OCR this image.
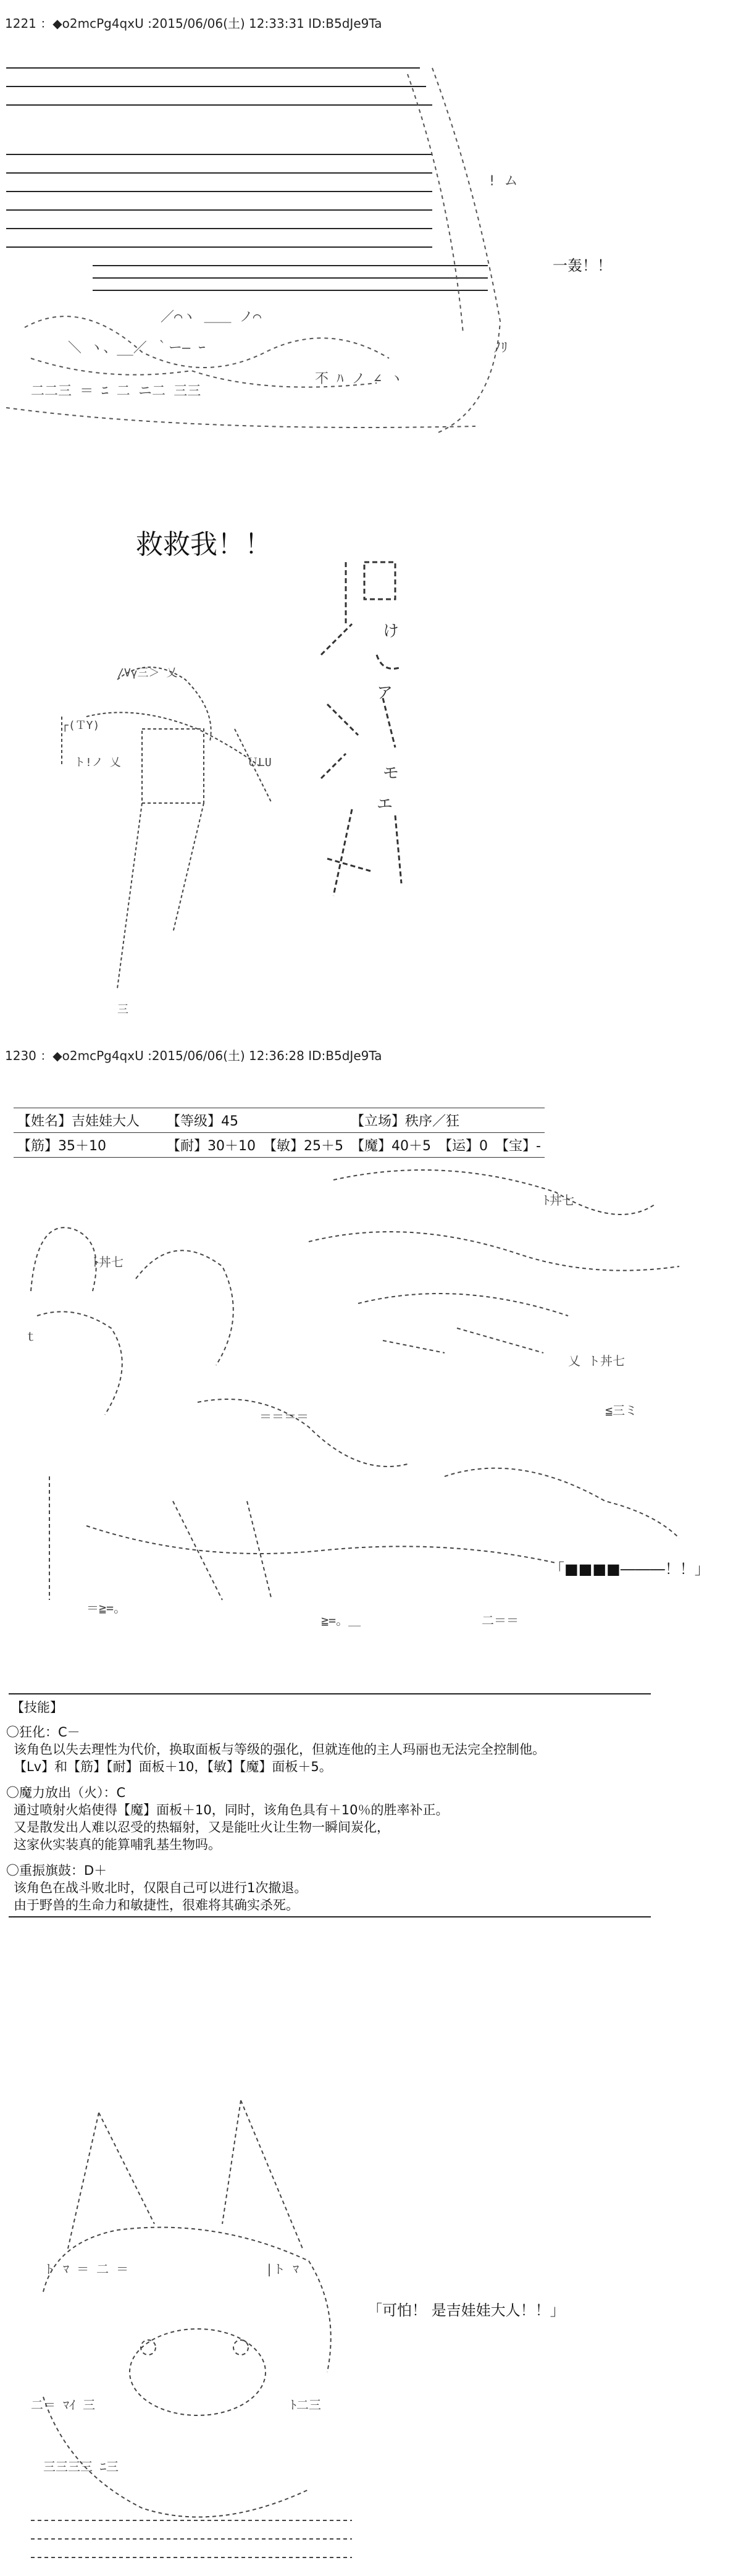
1221 ：◆o2mcPg4qxU :2015/06/06(土) 12:33:31 ID:B5dJe9Ta
／⌒ヽ ＿＿ ノ⌒
＼ ヽ、__／ ｀ー― ｰ
不 ﾊ ノ ∠ ヽ
二二三 ＝ ﾆ 二 ニ二 三三
! ム
ﾉﾘ
一轰！！
救救我！！
/Vγ三＞ 乂
┌(ＴY)
ト!ノ 乂	ＵLU
三
け
ア
モ
エ
1230 ：◆o2mcPg4qxU :2015/06/06(土) 12:36:28 ID:B5dJe9Ta
【姓名】吉娃娃大人	【等级】45		【立场】秩序／狂		
【筋】35＋10	【耐】30＋10	【敏】25＋5	【魔】40＋5	【运】0	【宝】-
ﾄ丼七
ﾄ丼七
乂 ト丼七
＝＝＝＝
＝≧=。
≧=。＿	二＝＝
ｔ
≦三ミ
「■■■■―――！！」
【技能】
〇狂化：C－
该角色以失去理性为代价，换取面板与等级的强化，但就连他的主人玛丽也无法完全控制他。
【Lv】和【筋】【耐】面板＋10，【敏】【魔】面板＋5。
〇魔力放出（火）：C
通过喷射火焰使得【魔】面板＋10，同时，该角色具有＋10％的胜率补正。
又是散发出人难以忍受的热辐射，又是能吐火让生物一瞬间炭化，
这家伙实装真的能算哺乳基生物吗。
〇重振旗鼓：D＋
该角色在战斗败北时，仅限自己可以进行1次撤退。
由于野兽的生命力和敏捷性，很难将其确实杀死。
ト ﾏ ＝ 二 ＝	|ト ﾏ
二＝ ﾏｲ 三	ﾄ二三
三三三三 ﾆ三
「可怕！ 是吉娃娃大人！！」
